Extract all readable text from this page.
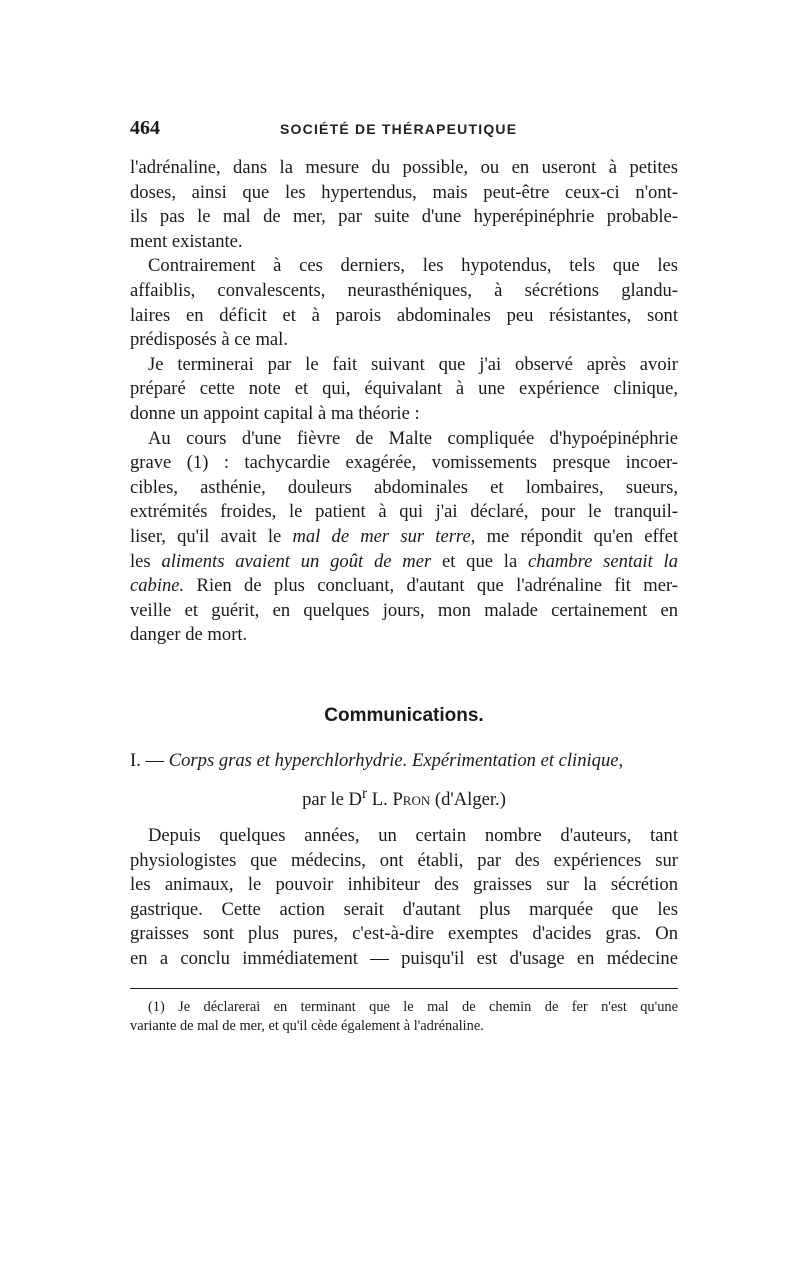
464	SOCIÉTÉ DE THÉRAPEUTIQUE
l'adrénaline, dans la mesure du possible, ou en useront à petites
doses, ainsi que les hypertendus, mais peut-être ceux-ci n'ont-
ils pas le mal de mer, par suite d'une hyperépinéphrie probable-
ment existante.
Contrairement à ces derniers, les hypotendus, tels que les
affaiblis, convalescents, neurasthéniques, à sécrétions glandu-
laires en déficit et à parois abdominales peu résistantes, sont
prédisposés à ce mal.
Je terminerai par le fait suivant que j'ai observé après avoir
préparé cette note et qui, équivalant à une expérience clinique,
donne un appoint capital à ma théorie :
Au cours d'une fièvre de Malte compliquée d'hypoépinéphrie
grave (1) : tachycardie exagérée, vomissements presque incoer-
cibles, asthénie, douleurs abdominales et lombaires, sueurs,
extrémités froides, le patient à qui j'ai déclaré, pour le tranquil-
liser, qu'il avait le mal de mer sur terre, me répondit qu'en effet
les aliments avaient un goût de mer et que la chambre sentait la
cabine. Rien de plus concluant, d'autant que l'adrénaline fit mer-
veille et guérit, en quelques jours, mon malade certainement en
danger de mort.
Communications.
I. — Corps gras et hyperchlorhydrie. Expérimentation et clinique,
par le $D^r$ L. Pron (d'Alger.)
Depuis quelques années, un certain nombre d'auteurs, tant
physiologistes que médecins, ont établi, par des expériences sur
les animaux, le pouvoir inhibiteur des graisses sur la sécrétion
gastrique. Cette action serait d'autant plus marquée que les
graisses sont plus pures, c'est-à-dire exemptes d'acides gras. On
en a conclu immédiatement — puisqu'il est d'usage en médecine
(1) Je déclarerai en terminant que le mal de chemin de fer n'est qu'une
variante de mal de mer, et qu'il cède également à l'adrénaline.
